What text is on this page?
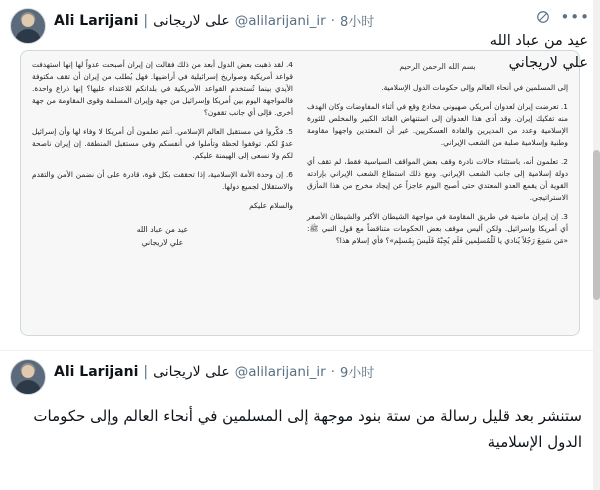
Ali Larijani | على لاريجانى @alilarijani_ir · 8小时	•••
عيد من عباد الله
علي لاريجاني
بسم الله الرحمن الرحيم

إلى المسلمين في أنحاء العالم وإلى حكومات الدول الإسلامية.

1. تعرضت إيران لعدوان أمريكي صهيوني مخادع وقع في أثناء المفاوضات وكان الهدف منه تفكيك إيران. وقد أدى هذا العدوان إلى استنهاض القائد الكبير والمخلص للثورة الإسلامية وعدد من المديرين والقادة العسكريين. غير أن المعتدين واجهوا مقاومة وطنية وإسلامية صلبة من الشعب الإيراني.

2. تعلمون أنه، باستثناء حالات نادرة وقف بعض المواقف السياسية فقط، لم تقف أي دولة إسلامية إلى جانب الشعب الإيراني. ومع ذلك استطاع الشعب الإيراني بإرادته القوية أن يقمع العدو المعتدي حتى أصبح اليوم عاجزاً عن إيجاد مخرج من هذا المأزق الاستراتيجي.

3. إن إيران ماضية في طريق المقاومة في مواجهة الشيطان الأكبر والشيطان الأصغر أي أمريكا وإسرائيل. ولكن أليس موقف بعض الحكومات متناقضاً مع قول النبي ﷺ: «مَن سَمِعَ رَجُلاً يُنادي يا لَلْمُسلِمين فَلَم يُجِبْهُ فَلَيسَ بِمُسلِم»؟ فأي إسلام هذا؟

4. لقد ذهبت بعض الدول أبعد من ذلك فقالت إن إيران أصبحت عدواً لها إنها استهدفت قواعد أمريكية وصواريخ إسرائيلية في أراضيها. فهل يُطلب من إيران أن تقف مكتوفة الأيدي بينما تُستخدم القواعد الأمريكية في بلدانكم للاعتداء عليها؟ إنها ذراع واحدة. فالمواجهة اليوم بين أمريكا وإسرائيل من جهة وإيران المسلمة وقوى المقاومة من جهة أخرى. فإلى أي جانب تقفون؟

5. فكّروا في مستقبل العالم الإسلامي. أنتم تعلمون أن أمريكا لا وفاء لها وأن إسرائيل عدوٌ لكم. توقفوا لحظة وتأملوا في أنفسكم وفي مستقبل المنطقة. إن إيران ناصحة لكم ولا نسعى إلى الهيمنة عليكم.

6. إن وحدة الأمة الإسلامية، إذا تحققت بكل قوة، قادرة على أن نضمن الأمن والتقدم والاستقلال لجميع دولها.

والسلام عليكم

عيد من عباد الله
علي لاريجاني
Ali Larijani | على لاريجانى @alilarijani_ir · 9小时
ستنشر بعد قليل رسالة من ستة بنود موجهة إلى المسلمين في أنحاء العالم وإلى حكومات الدول الإسلامية
